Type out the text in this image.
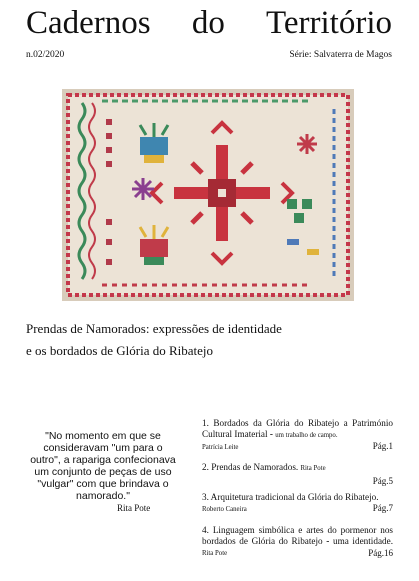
Cadernos do Território
n.02/2020	Série: Salvaterra de Magos
Prendas de Namorados: expressões de identidade
e os bordados de Glória do Ribatejo
"No momento em que se consideravam "um para o outro", a rapariga confecionava um conjunto de peças de uso "vulgar" com que brindava o namorado."
Rita Pote
1. Bordados da Glória do Ribatejo a Património Cultural Imaterial - um trabalho de campo.
Patrícia Leite	Pág.1
2. Prendas de Namorados. Rita Pote
Pág.5
3. Arquitetura tradicional da Glória do Ribatejo.
Roberto Caneira	Pág.7
4. Linguagem simbólica e artes do pormenor nos bordados de Glória do Ribatejo - uma identidade. Rita Pote	Pág.16
